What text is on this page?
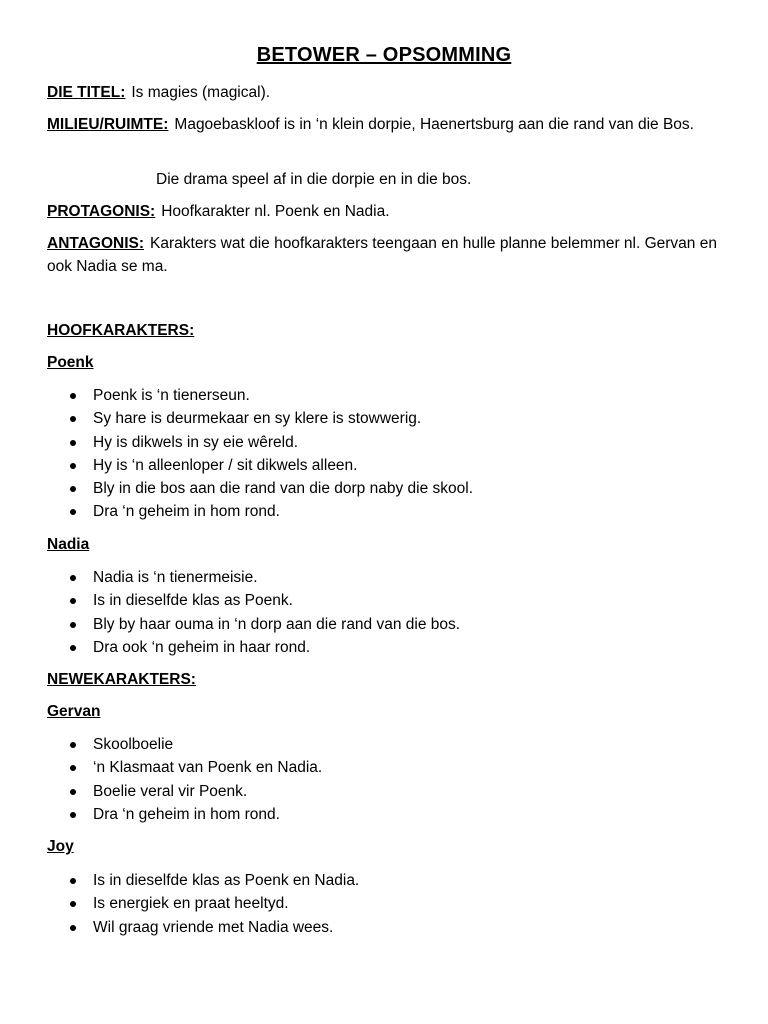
BETOWER – OPSOMMING
DIE TITEL: Is magies (magical).
MILIEU/RUIMTE: Magoebaskloof is in ‘n klein dorpie, Haenertsburg aan die rand van die Bos.
Die drama speel af in die dorpie en in die bos.
PROTAGONIS: Hoofkarakter nl. Poenk en Nadia.
ANTAGONIS: Karakters wat die hoofkarakters teengaan en hulle planne belemmer nl. Gervan en ook Nadia se ma.
HOOFKARAKTERS:
Poenk
Poenk is ‘n tienerseun.
Sy hare is deurmekaar en sy klere is stowwerig.
Hy is dikwels in sy eie wêreld.
Hy is ‘n alleenloper / sit dikwels alleen.
Bly in die bos aan die rand van die dorp naby die skool.
Dra ‘n geheim in hom rond.
Nadia
Nadia is ‘n tienermeisie.
Is in dieselfde klas as Poenk.
Bly by haar ouma in ‘n dorp aan die rand van die bos.
Dra ook ‘n geheim in haar rond.
NEWEKARAKTERS:
Gervan
Skoolboelie
‘n Klasmaat van Poenk en Nadia.
Boelie veral vir Poenk.
Dra ‘n geheim in hom rond.
Joy
Is in dieselfde klas as Poenk en Nadia.
Is energiek en praat heeltyd.
Wil graag vriende met Nadia wees.
